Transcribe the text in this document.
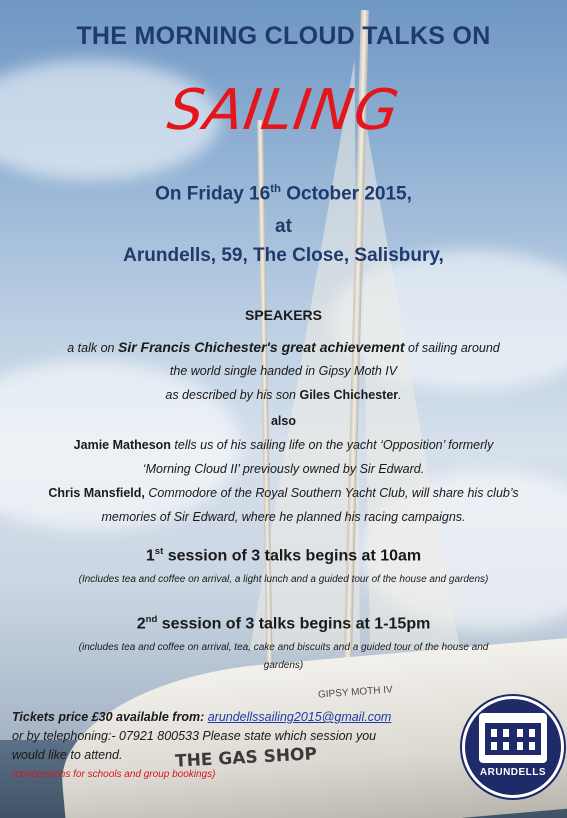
GIPSY MOTH IV
THE GAS SHOP

THE MORNING CLOUD TALKS ON

SAILING

On Friday 16th October 2015,

at

Arundells, 59, The Close, Salisbury,

SPEAKERS

a talk on Sir Francis Chichester's great achievement of sailing around

the world single handed in Gipsy Moth IV

as described by his son Giles Chichester.

also

Jamie Matheson tells us of his sailing life on the yacht ‘Opposition’ formerly

‘Morning Cloud II’ previously owned by Sir Edward.

Chris Mansfield, Commodore of the Royal Southern Yacht Club, will share his club’s

memories of Sir Edward, where he planned his racing campaigns.

1st session of 3 talks begins at 10am

(Includes tea and coffee on arrival, a light lunch and a guided tour of the house and gardens)

2nd session of 3 talks begins at 1-15pm

(includes tea and coffee on arrival, tea, cake and biscuits and a guided tour of the house and

gardens)

Tickets price £30 available from: arundellssailing2015@gmail.com
or by telephoning:- 07921 800533 Please state which session you
would like to attend.
(concessions for schools and group bookings)	ARUNDELLS
